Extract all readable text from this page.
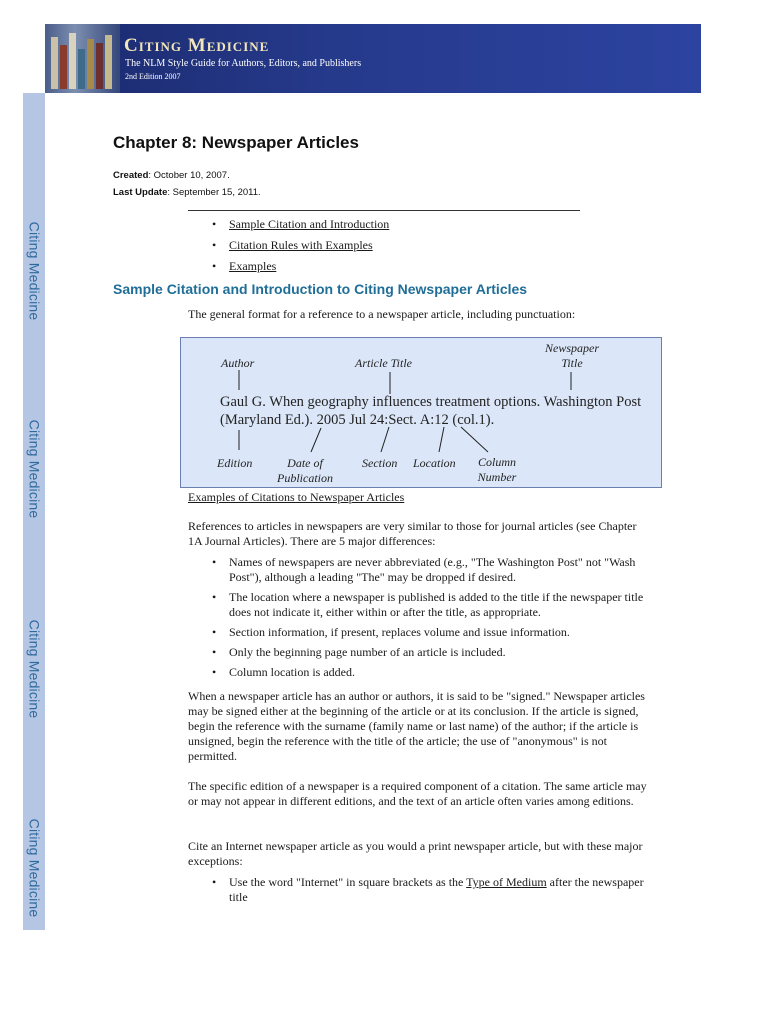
Citing Medicine
The NLM Style Guide for Authors, Editors, and Publishers
2nd Edition 2007
Citing Medicine
Citing Medicine
Citing Medicine
Citing Medicine
Chapter 8: Newspaper Articles
Created: October 10, 2007.
Last Update: September 15, 2011.
• Sample Citation and Introduction
• Citation Rules with Examples
• Examples
Sample Citation and Introduction to Citing Newspaper Articles

The general format for a reference to a newspaper article, including punctuation:

Author	Article Title
Newspaper
Title
Gaul G. When geography influences treatment options. Washington Post
(Maryland Ed.). 2005 Jul 24:Sect. A:12 (col.1).
Edition	Date of
Publication
Section Location	Column
Number
Examples of Citations to Newspaper Articles

References to articles in newspapers are very similar to those for journal articles (see Chapter 1A Journal Articles). There are 5 major differences:

• Names of newspapers are never abbreviated (e.g., "The Washington Post" not "Wash Post"), although a leading "The" may be dropped if desired.
• The location where a newspaper is published is added to the title if the newspaper title does not indicate it, either within or after the title, as appropriate.
• Section information, if present, replaces volume and issue information.
• Only the beginning page number of an article is included.
• Column location is added.

When a newspaper article has an author or authors, it is said to be "signed." Newspaper articles may be signed either at the beginning of the article or at its conclusion. If the article is signed, begin the reference with the surname (family name or last name) of the author; if the article is unsigned, begin the reference with the title of the article; the use of "anonymous" is not permitted.

The specific edition of a newspaper is a required component of a citation. The same article may or may not appear in different editions, and the text of an article often varies among editions.

Cite an Internet newspaper article as you would a print newspaper article, but with these major exceptions:

• Use the word "Internet" in square brackets as the Type of Medium after the newspaper title
